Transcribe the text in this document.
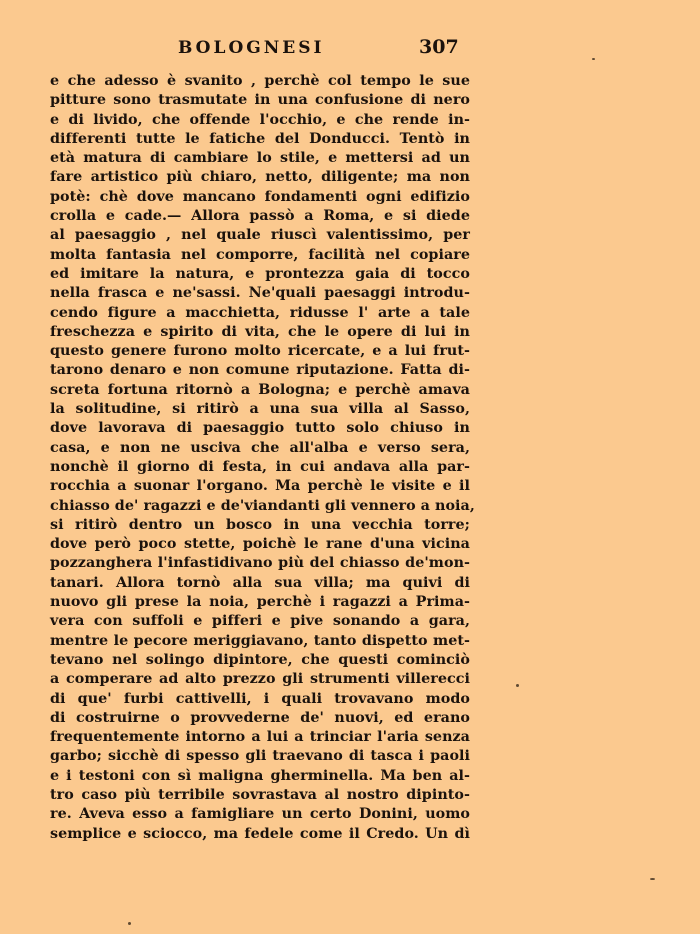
BOLOGNESI	307
e che adesso è svanito , perchè col tempo le sue
pitture sono trasmutate in una confusione di nero
e di livido, che offende l'occhio, e che rende in-
differenti tutte le fatiche del Donducci. Tentò in
età matura di cambiare lo stile, e mettersi ad un
fare artistico più chiaro, netto, diligente; ma non
potè: chè dove mancano fondamenti ogni edifizio
crolla e cade.— Allora passò a Roma, e si diede
al paesaggio , nel quale riuscì valentissimo, per
molta fantasia nel comporre, facilità nel copiare
ed imitare la natura, e prontezza gaia di tocco
nella frasca e ne'sassi. Ne'quali paesaggi introdu-
cendo figure a macchietta, ridusse l' arte a tale
freschezza e spirito di vita, che le opere di lui in
questo genere furono molto ricercate, e a lui frut-
tarono denaro e non comune riputazione. Fatta di-
screta fortuna ritornò a Bologna; e perchè amava
la solitudine, si ritirò a una sua villa al Sasso,
dove lavorava di paesaggio tutto solo chiuso in
casa, e non ne usciva che all'alba e verso sera,
nonchè il giorno di festa, in cui andava alla par-
rocchia a suonar l'organo. Ma perchè le visite e il
chiasso de' ragazzi e de'viandanti gli vennero a noia,
si ritirò dentro un bosco in una vecchia torre;
dove però poco stette, poichè le rane d'una vicina
pozzanghera l'infastidivano più del chiasso de'mon-
tanari. Allora tornò alla sua villa; ma quivi di
nuovo gli prese la noia, perchè i ragazzi a Prima-
vera con suffoli e pifferi e pive sonando a gara,
mentre le pecore meriggiavano, tanto dispetto met-
tevano nel solingo dipintore, che questi cominciò
a comperare ad alto prezzo gli strumenti villerecci
di que' furbi cattivelli, i quali trovavano modo
di costruirne o provvederne de' nuovi, ed erano
frequentemente intorno a lui a trinciar l'aria senza
garbo; sicchè di spesso gli traevano di tasca i paoli
e i testoni con sì maligna gherminella. Ma ben al-
tro caso più terribile sovrastava al nostro dipinto-
re. Aveva esso a famigliare un certo Donini, uomo
semplice e sciocco, ma fedele come il Credo. Un dì
